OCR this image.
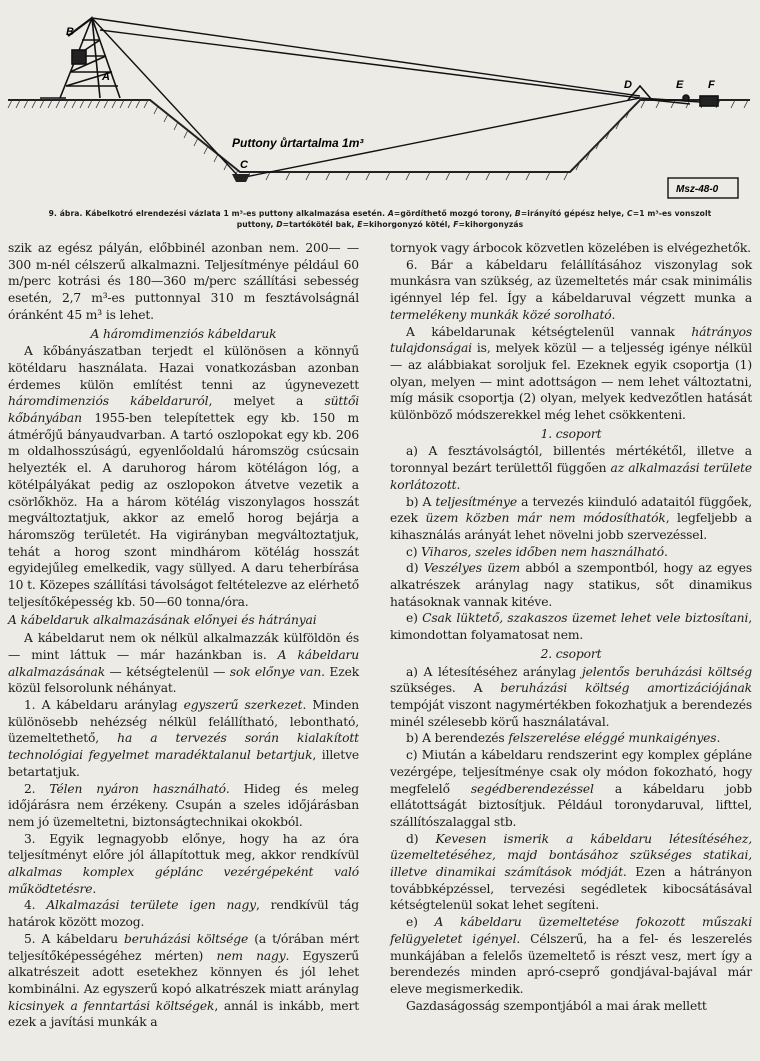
B
A
C
D	E F
Puttony ůrtartalma 1m³
Msz-48-0
9. ábra. Kábelkotró elrendezési vázlata 1 m³-es puttony alkalmazása esetén. A=gördíthető mozgó torony, B=irányító gépész helye, C=1 m³-es vonszolt puttony, D=tartókötél bak, E=kihorgonyzó kötél, F=kihorgonyzás

szik az egész pályán, előbbinél azonban nem. 200— —300 m-nél célszerű alkalmazni. Teljesítménye például 60 m/perc kotrási és 180—360 m/perc szállítási sebesség esetén, 2,7 m³-es puttonnyal 310 m fesztávolságnál óránként 45 m³ is lehet.

A háromdimenziós kábeldaruk

A kőbányászatban terjedt el különösen a könnyű kötéldaru használata. Hazai vonatkozásban azonban érdemes külön említést tenni az úgynevezett háromdimenziós kábeldaruról, melyet a süttői kőbányában 1955-ben telepítettek egy kb. 150 m átmérőjű bányaudvarban. A tartó oszlopokat egy kb. 206 m oldalhosszúságú, egyenlőoldalú háromszög csúcsain helyezték el. A daruhorog három kötélágon lóg, a kötélpályákat pedig az oszlopokon átvetve vezetik a csörlőkhöz. Ha a három kötélág viszonylagos hosszát megváltoztatjuk, akkor az emelő horog bejárja a háromszög területét. Ha vigirányban megváltoztatjuk, tehát a horog szont mindhárom kötélág hosszát egyidejűleg emelkedik, vagy süllyed. A daru teherbírása 10 t. Közepes szállítási távolságot feltételezve az elérhető teljesítőképesség kb. 50—60 tonna/óra.

A kábeldaruk alkalmazásának előnyei és hátrányai

A kábeldarut nem ok nélkül alkalmazzák külföldön és — mint láttuk — már hazánkban is. A kábeldaru alkalmazásának — kétségtelenül — sok előnye van. Ezek közül felsorolunk néhányat.

1. A kábeldaru aránylag egyszerű szerkezet. Minden különösebb nehézség nélkül felállítható, lebontható, üzemeltethető, ha a tervezés során kialakított technológiai fegyelmet maradéktalanul betartjuk, illetve betartatjuk.

2. Télen nyáron használható. Hideg és meleg időjárásra nem érzékeny. Csupán a szeles időjárásban nem jó üzemeltetni, biztonságtechnikai okokból.

3. Egyik legnagyobb előnye, hogy ha az óra teljesítményt előre jól állapítottuk meg, akkor rendkívül alkalmas komplex géplánc vezérgépeként való működtetésre.

4. Alkalmazási területe igen nagy, rendkívül tág határok között mozog.

5. A kábeldaru beruházási költsége (a t/órában mért teljesítőképességéhez mérten) nem nagy. Egyszerű alkatrészeit adott esetekhez könnyen és jól lehet kombinálni. Az egyszerű kopó alkatrészek miatt aránylag kicsinyek a fenntartási költségek, annál is inkább, mert ezek a javítási munkák a

tornyok vagy árbocok közvetlen közelében is elvégezhetők.

6. Bár a kábeldaru felállításához viszonylag sok munkásra van szükség, az üzemeltetés már csak minimális igénnyel lép fel. Így a kábeldaruval végzett munka a termelékeny munkák közé sorolható.

A kábeldarunak kétségtelenül vannak hátrányos tulajdonságai is, melyek közül — a teljesség igénye nélkül — az alábbiakat soroljuk fel. Ezeknek egyik csoportja (1) olyan, melyen — mint adottságon — nem lehet változtatni, míg másik csoportja (2) olyan, melyek kedvezőtlen hatását különböző módszerekkel még lehet csökkenteni.

1. csoport

a) A fesztávolságtól, billentés mértékétől, illetve a toronnyal bezárt területtől függően az alkalmazási területe korlátozott.

b) A teljesítménye a tervezés kiinduló adataitól függőek, ezek üzem közben már nem módosíthatók, legfeljebb a kihasználás arányát lehet növelni jobb szervezéssel.

c) Viharos, szeles időben nem használható.

d) Veszélyes üzem abból a szempontból, hogy az egyes alkatrészek aránylag nagy statikus, sőt dinamikus hatásoknak vannak kitéve.

e) Csak lüktető, szakaszos üzemet lehet vele biztosítani, kimondottan folyamatosat nem.

2. csoport

a) A létesítéséhez aránylag jelentős beruházási költség szükséges. A beruházási költség amortizációjának tempóját viszont nagymértékben fokozhatjuk a berendezés minél szélesebb körű használatával.

b) A berendezés felszerelése eléggé munkaigényes.

c) Miután a kábeldaru rendszerint egy komplex gépláne vezérgépe, teljesítménye csak oly módon fokozható, hogy megfelelő segédberendezéssel a kábeldaru jobb ellátottságát biztosítjuk. Például toronydaruval, lifttel, szállítószalaggal stb.

d) Kevesen ismerik a kábeldaru létesítéséhez, üzemeltetéséhez, majd bontásához szükséges statikai, illetve dinamikai számítások módját. Ezen a hátrányon továbbképzéssel, tervezési segédletek kibocsátásával kétségtelenül sokat lehet segíteni.

e) A kábeldaru üzemeltetése fokozott műszaki felügyeletet igényel. Célszerű, ha a fel- és leszerelés munkájában a felelős üzemeltető is részt vesz, mert így a berendezés minden apró-cseprő gondjával-bajával már eleve megismerkedik.

Gazdaságosság szempontjából a mai árak mellett
